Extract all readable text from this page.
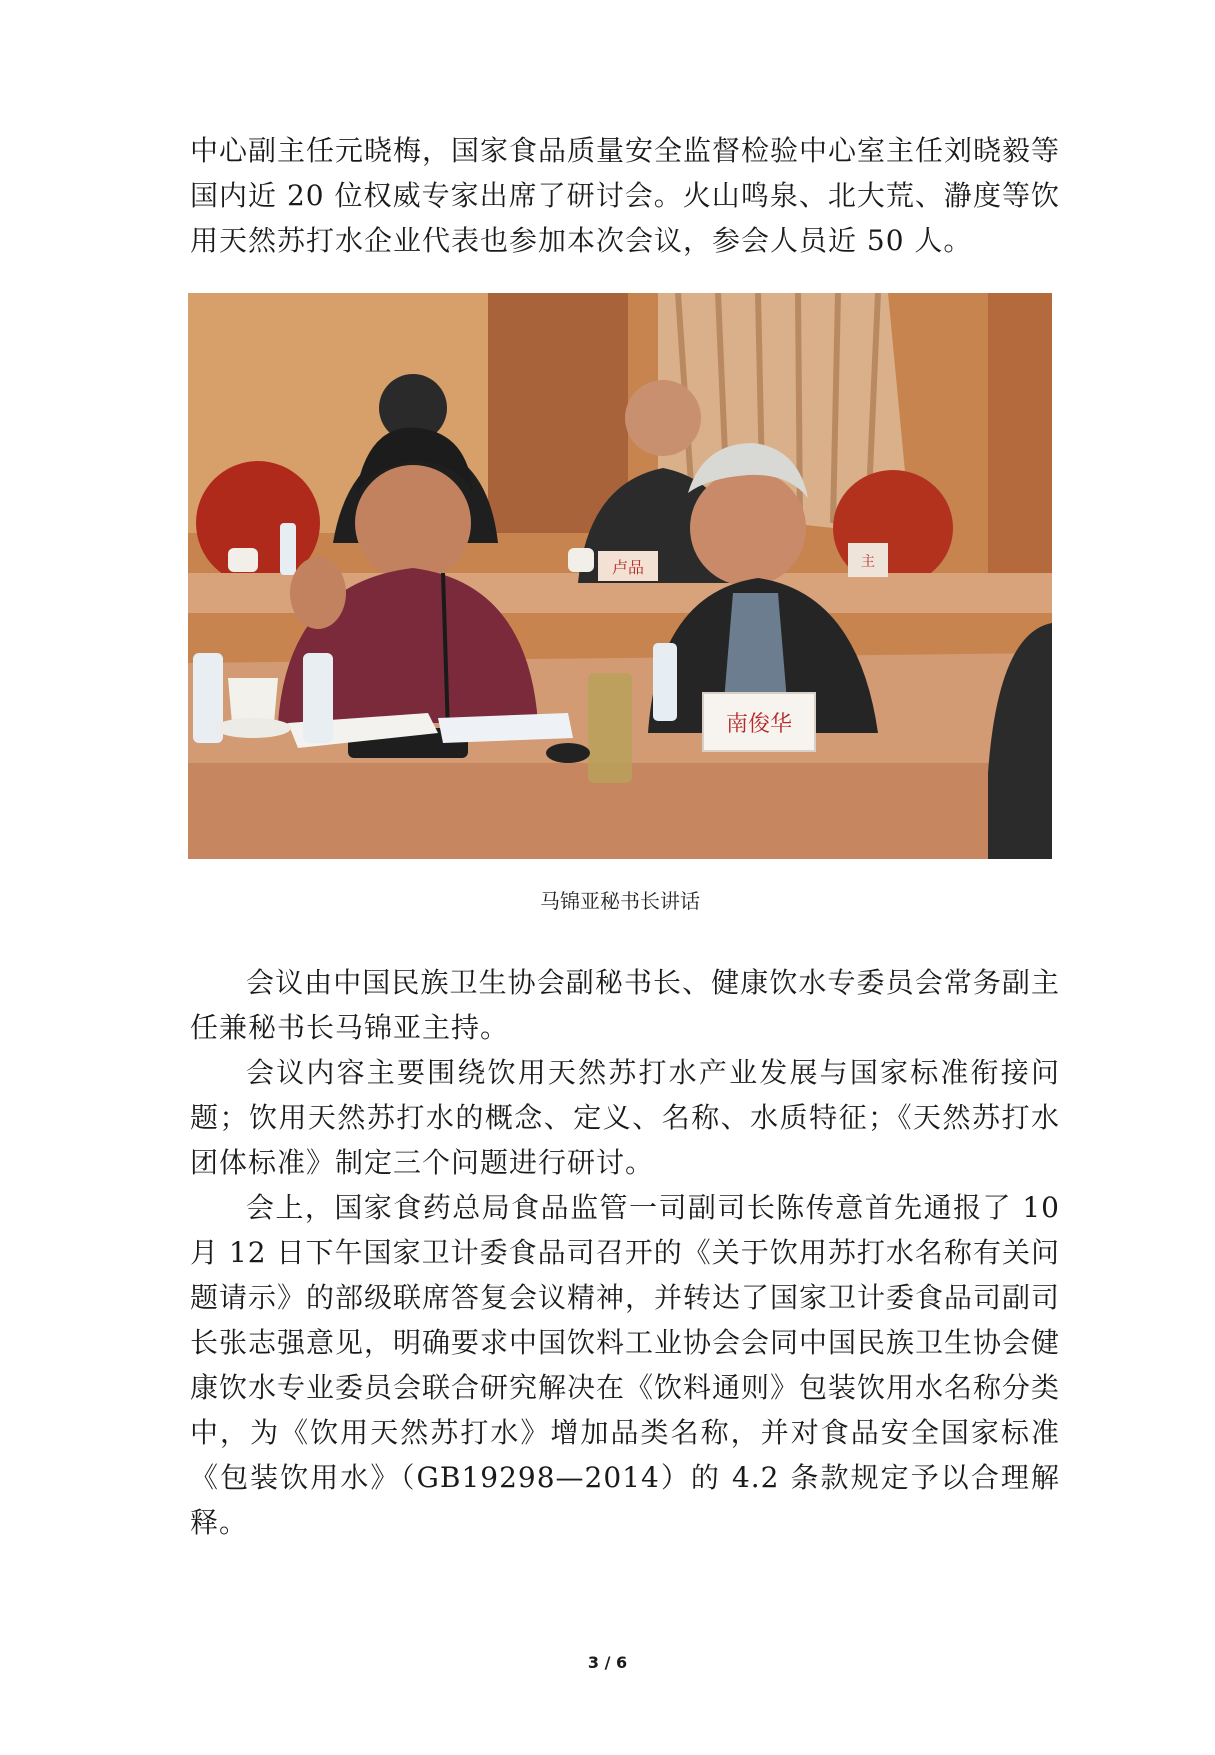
中心副主任元晓梅，国家食品质量安全监督检验中心室主任刘晓毅等国内近 20 位权威专家出席了研讨会。火山鸣泉、北大荒、瀞度等饮用天然苏打水企业代表也参加本次会议，参会人员近 50 人。

南俊华
卢品	主
马锦亚秘书长讲话

会议由中国民族卫生协会副秘书长、健康饮水专委员会常务副主任兼秘书长马锦亚主持。

会议内容主要围绕饮用天然苏打水产业发展与国家标准衔接问题；饮用天然苏打水的概念、定义、名称、水质特征；《天然苏打水团体标准》制定三个问题进行研讨。

会上，国家食药总局食品监管一司副司长陈传意首先通报了 10 月 12 日下午国家卫计委食品司召开的《关于饮用苏打水名称有关问题请示》的部级联席答复会议精神，并转达了国家卫计委食品司副司长张志强意见，明确要求中国饮料工业协会会同中国民族卫生协会健康饮水专业委员会联合研究解决在《饮料通则》包装饮用水名称分类中，为《饮用天然苏打水》增加品类名称，并对食品安全国家标准《包装饮用水》（GB19298—2014）的 4.2 条款规定予以合理解释。

3 / 6
